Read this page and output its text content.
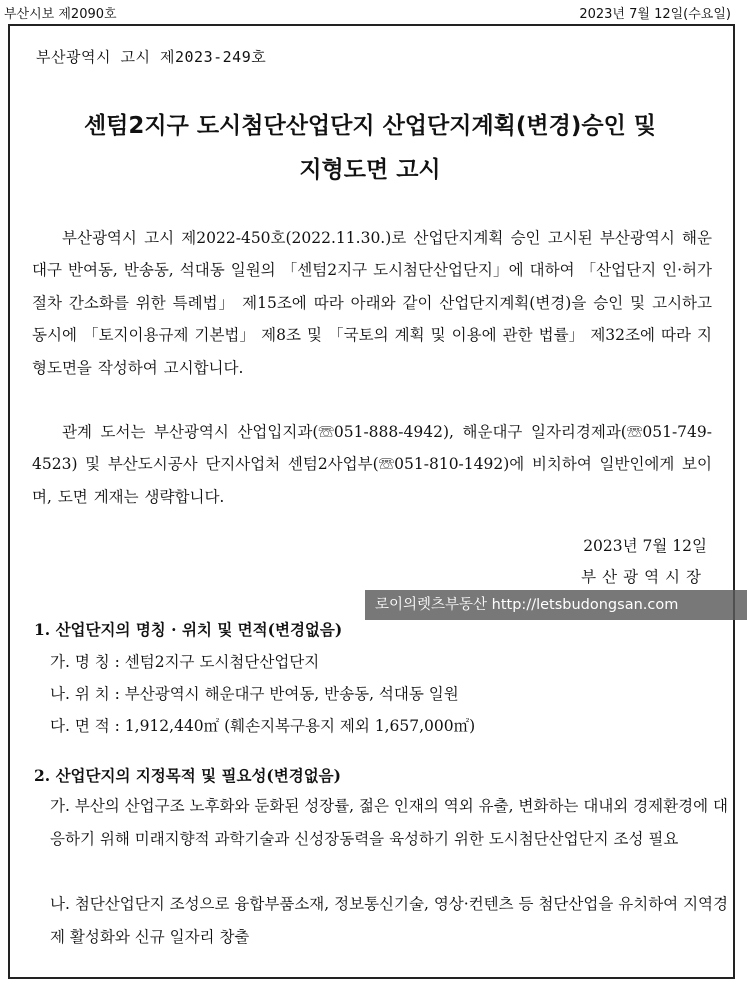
부산시보 제2090호	2023년 7월 12일(수요일)
부산광역시 고시 제2023-249호
센텀2지구 도시첨단산업단지 산업단지계획(변경)승인 및
지형도면 고시
부산광역시 고시 제2022-450호(2022.11.30.)로 산업단지계획 승인 고시된 부산광역시 해운대구 반여동, 반송동, 석대동 일원의 「센텀2지구 도시첨단산업단지」에 대하여 「산업단지 인·허가 절차 간소화를 위한 특례법」 제15조에 따라 아래와 같이 산업단지계획(변경)을 승인 및 고시하고 동시에 「토지이용규제 기본법」 제8조 및 「국토의 계획 및 이용에 관한 법률」 제32조에 따라 지형도면을 작성하여 고시합니다.
관계 도서는 부산광역시 산업입지과(☏051-888-4942), 해운대구 일자리경제과(☏051-749-4523) 및 부산도시공사 단지사업처 센텀2사업부(☏051-810-1492)에 비치하여 일반인에게 보이며, 도면 게재는 생략합니다.
2023년 7월 12일
부산광역시장
로이의렛츠부동산 http://letsbudongsan.com
1. 산업단지의 명칭 · 위치 및 면적(변경없음)
가. 명 칭 : 센텀2지구 도시첨단산업단지
나. 위 치 : 부산광역시 해운대구 반여동, 반송동, 석대동 일원
다. 면 적 : 1,912,440㎡ (훼손지복구용지 제외 1,657,000㎡)
2. 산업단지의 지정목적 및 필요성(변경없음)
가. 부산의 산업구조 노후화와 둔화된 성장률, 젊은 인재의 역외 유출, 변화하는 대내외 경제환경에 대응하기 위해 미래지향적 과학기술과 신성장동력을 육성하기 위한 도시첨단산업단지 조성 필요
나. 첨단산업단지 조성으로 융합부품소재, 정보통신기술, 영상·컨텐츠 등 첨단산업을 유치하여 지역경제 활성화와 신규 일자리 창출
